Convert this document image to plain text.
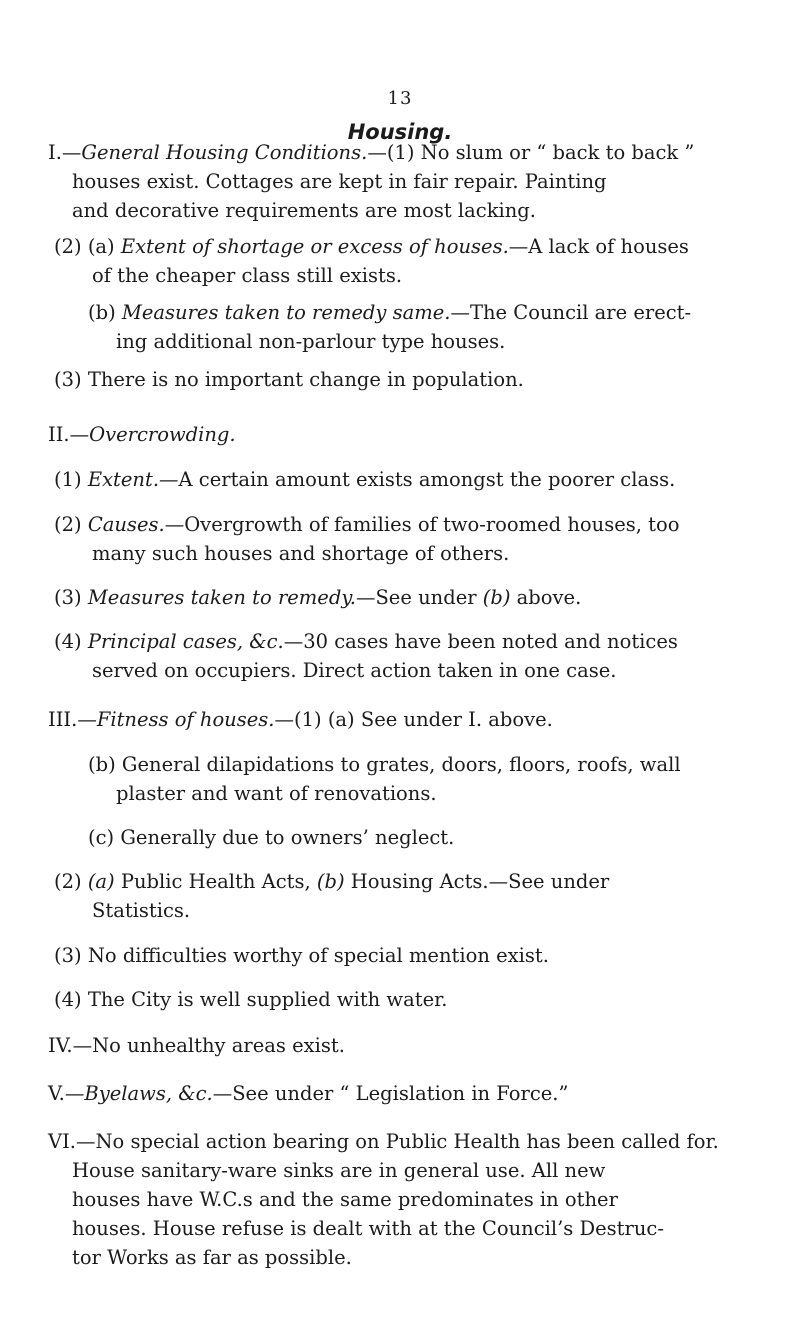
13
Housing.
I.—General Housing Conditions.—(1) No slum or “ back to back ”
houses exist. Cottages are kept in fair repair. Painting
and decorative requirements are most lacking.
(2) (a) Extent of shortage or excess of houses.—A lack of houses
of the cheaper class still exists.
(b) Measures taken to remedy same.—The Council are erect-
ing additional non-parlour type houses.
(3) There is no important change in population.
II.—Overcrowding.
(1) Extent.—A certain amount exists amongst the poorer class.
(2) Causes.—Overgrowth of families of two-roomed houses, too
many such houses and shortage of others.
(3) Measures taken to remedy.—See under (b) above.
(4) Principal cases, &c.—30 cases have been noted and notices
served on occupiers. Direct action taken in one case.
III.—Fitness of houses.—(1) (a) See under I. above.
(b) General dilapidations to grates, doors, floors, roofs, wall
plaster and want of renovations.
(c) Generally due to owners’ neglect.
(2) (a) Public Health Acts, (b) Housing Acts.—See under
Statistics.
(3) No difficulties worthy of special mention exist.
(4) The City is well supplied with water.
IV.—No unhealthy areas exist.
V.—Byelaws, &c.—See under “ Legislation in Force.”
VI.—No special action bearing on Public Health has been called for.
House sanitary-ware sinks are in general use. All new
houses have W.C.s and the same predominates in other
houses. House refuse is dealt with at the Council’s Destruc-
tor Works as far as possible.
